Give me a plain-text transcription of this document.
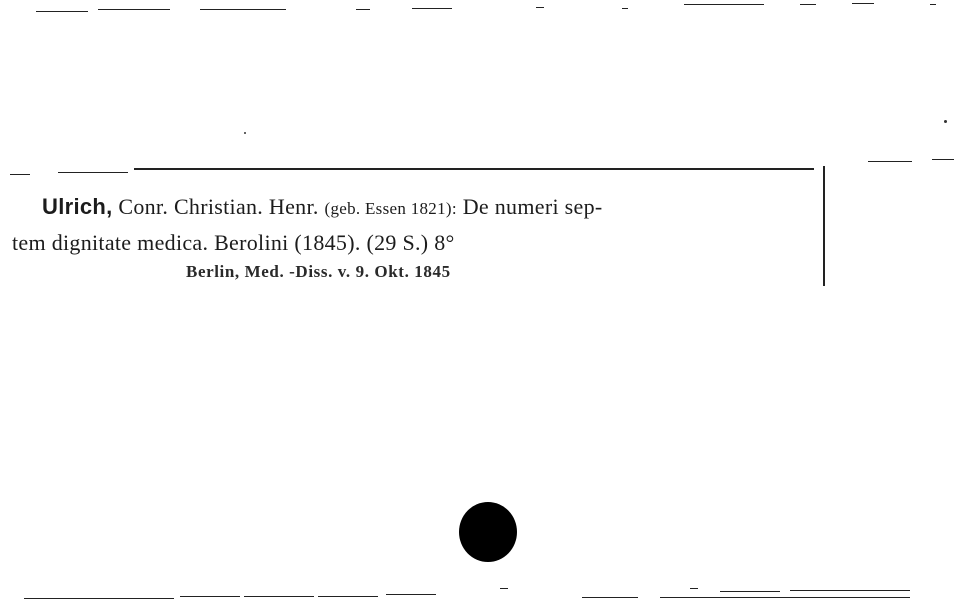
Ulrich, Conr. Christian. Henr. (geb. Essen 1821): De numeri sep-
tem dignitate medica. Berolini (1845). (29 S.) 8°
Berlin, Med. -Diss. v. 9. Okt. 1845
